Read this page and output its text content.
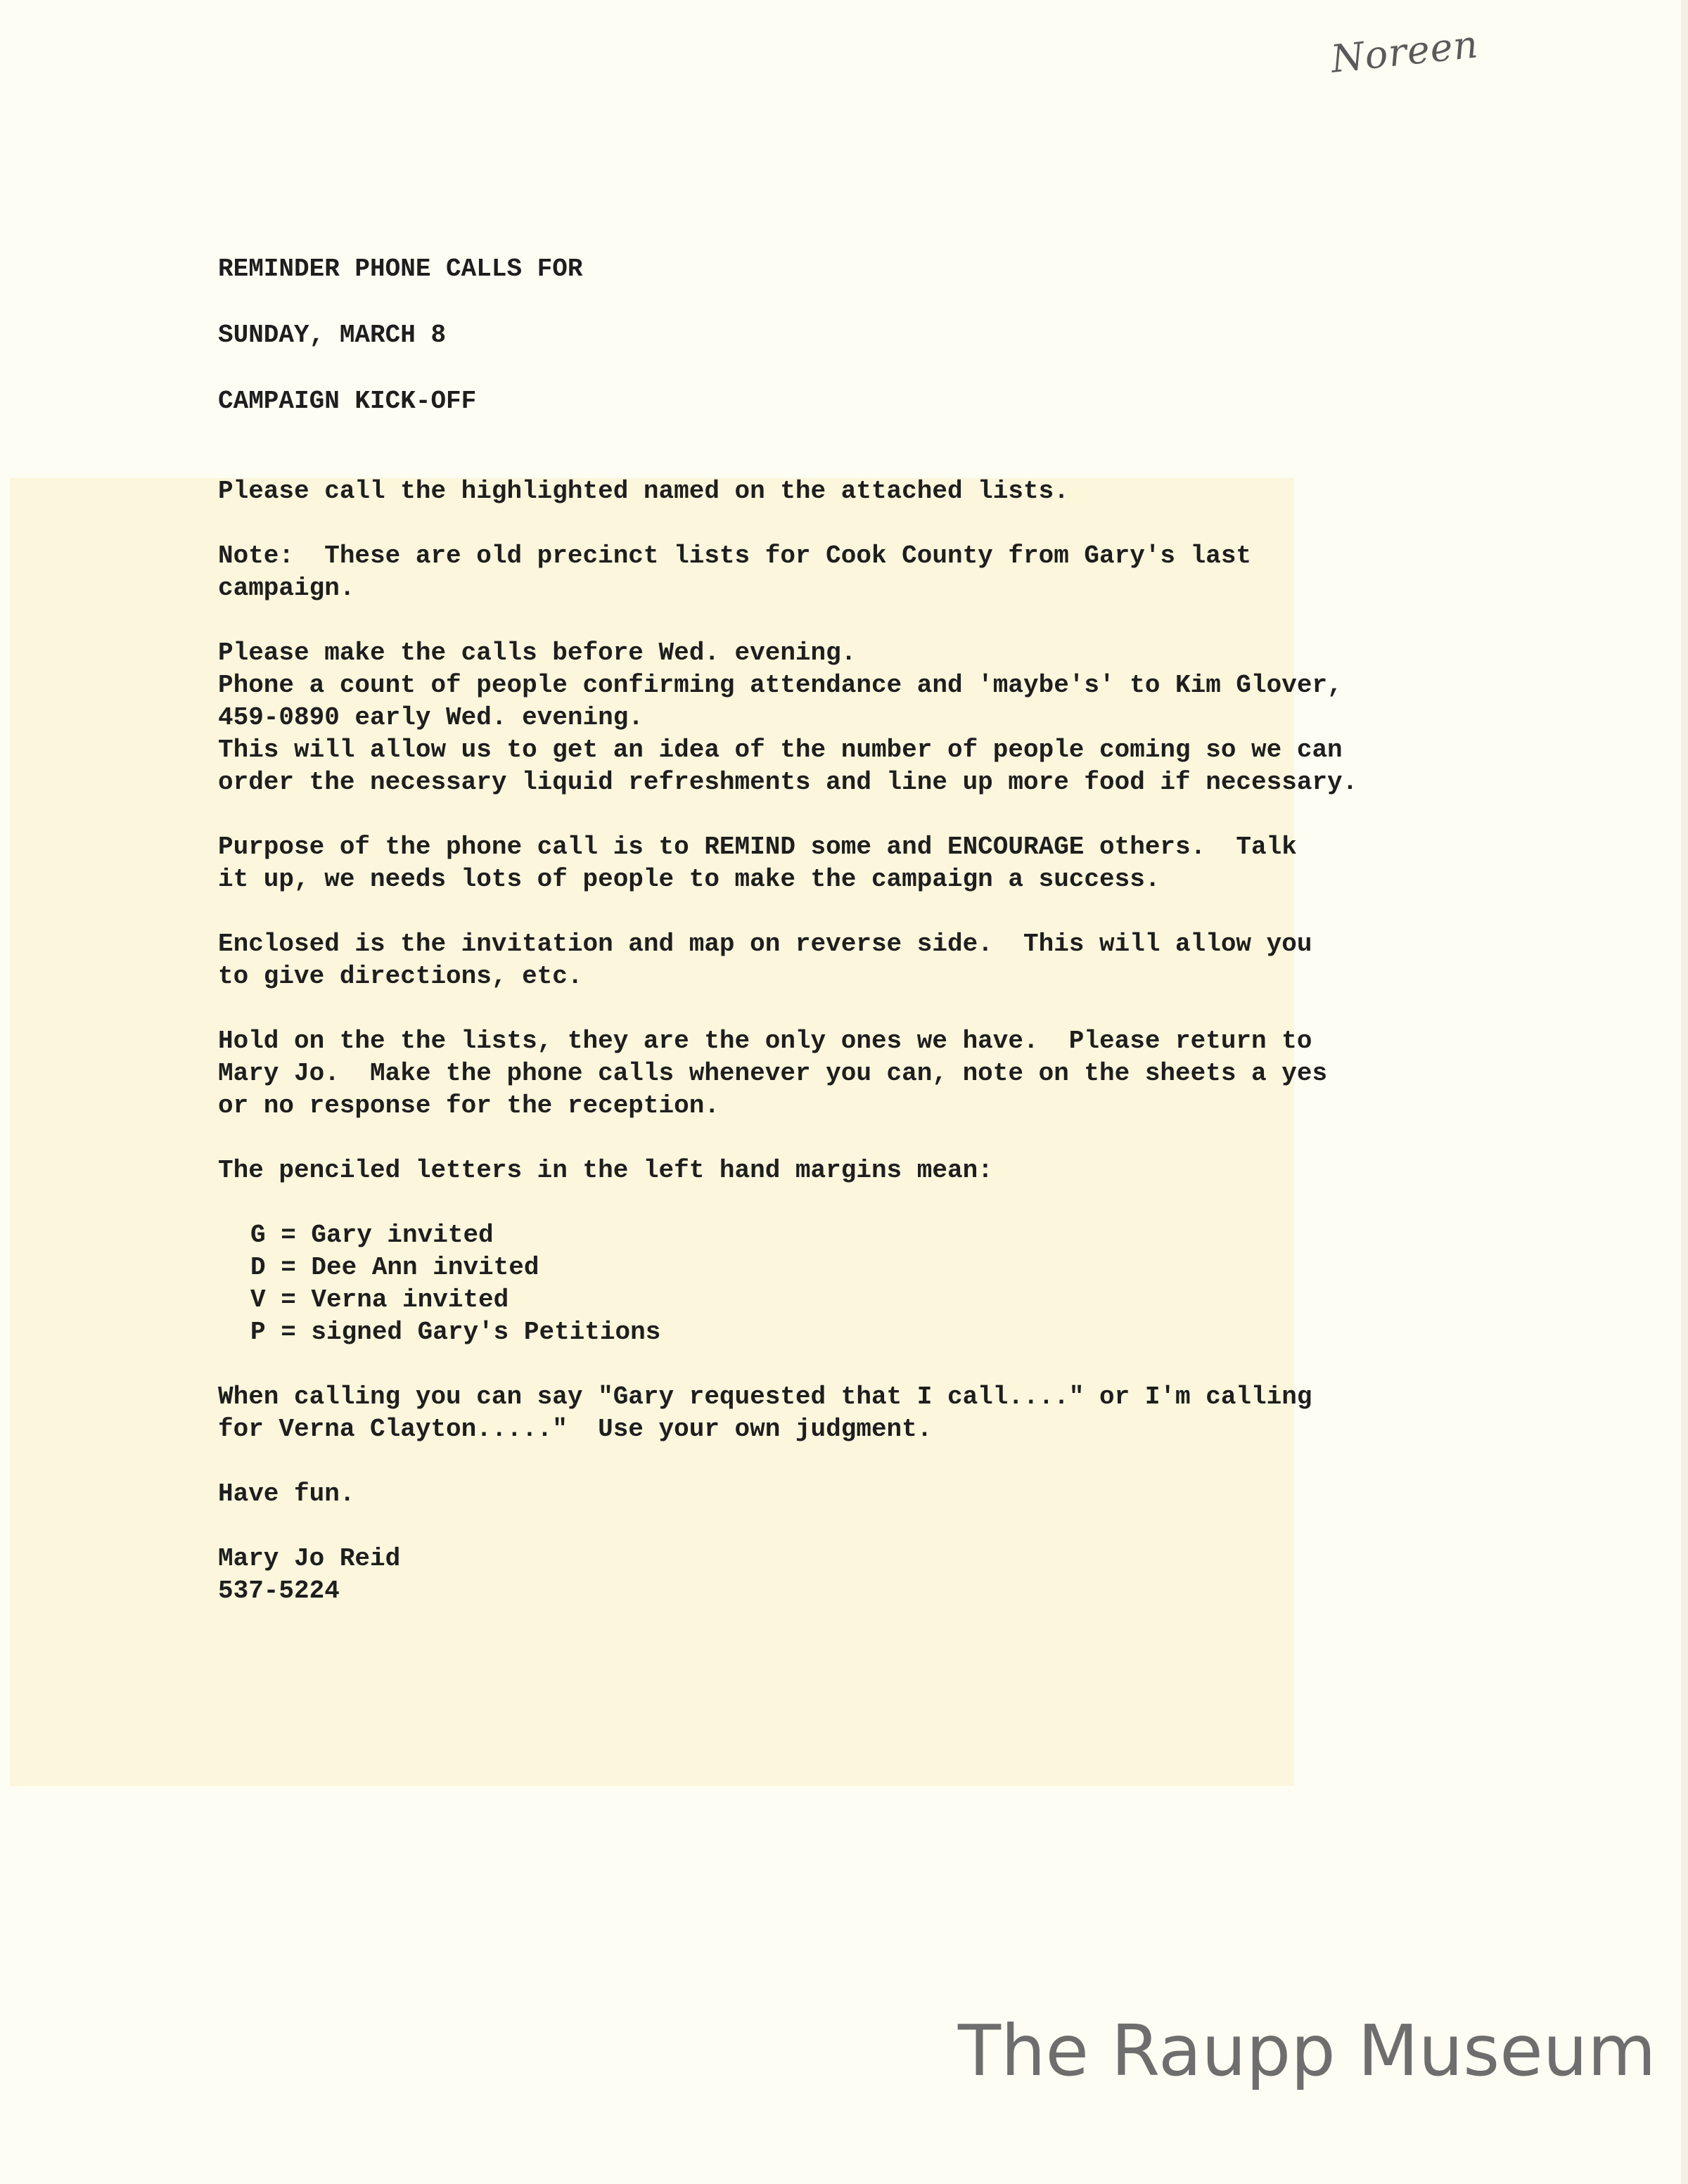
Noreen
REMINDER PHONE CALLS FOR
SUNDAY, MARCH 8
CAMPAIGN KICK-OFF
Please call the highlighted named on the attached lists.
Note:  These are old precinct lists for Cook County from Gary's last
campaign.
Please make the calls before Wed. evening.
Phone a count of people confirming attendance and 'maybe's' to Kim Glover,
459-0890 early Wed. evening.
This will allow us to get an idea of the number of people coming so we can
order the necessary liquid refreshments and line up more food if necessary.
Purpose of the phone call is to REMIND some and ENCOURAGE others.  Talk
it up, we needs lots of people to make the campaign a success.
Enclosed is the invitation and map on reverse side.  This will allow you
to give directions, etc.
Hold on the the lists, they are the only ones we have.  Please return to
Mary Jo.  Make the phone calls whenever you can, note on the sheets a yes
or no response for the reception.
The penciled letters in the left hand margins mean:
G = Gary invited
D = Dee Ann invited
V = Verna invited
P = signed Gary's Petitions
When calling you can say "Gary requested that I call...." or I'm calling
for Verna Clayton....."  Use your own judgment.
Have fun.
Mary Jo Reid
537-5224
The Raupp Museum
